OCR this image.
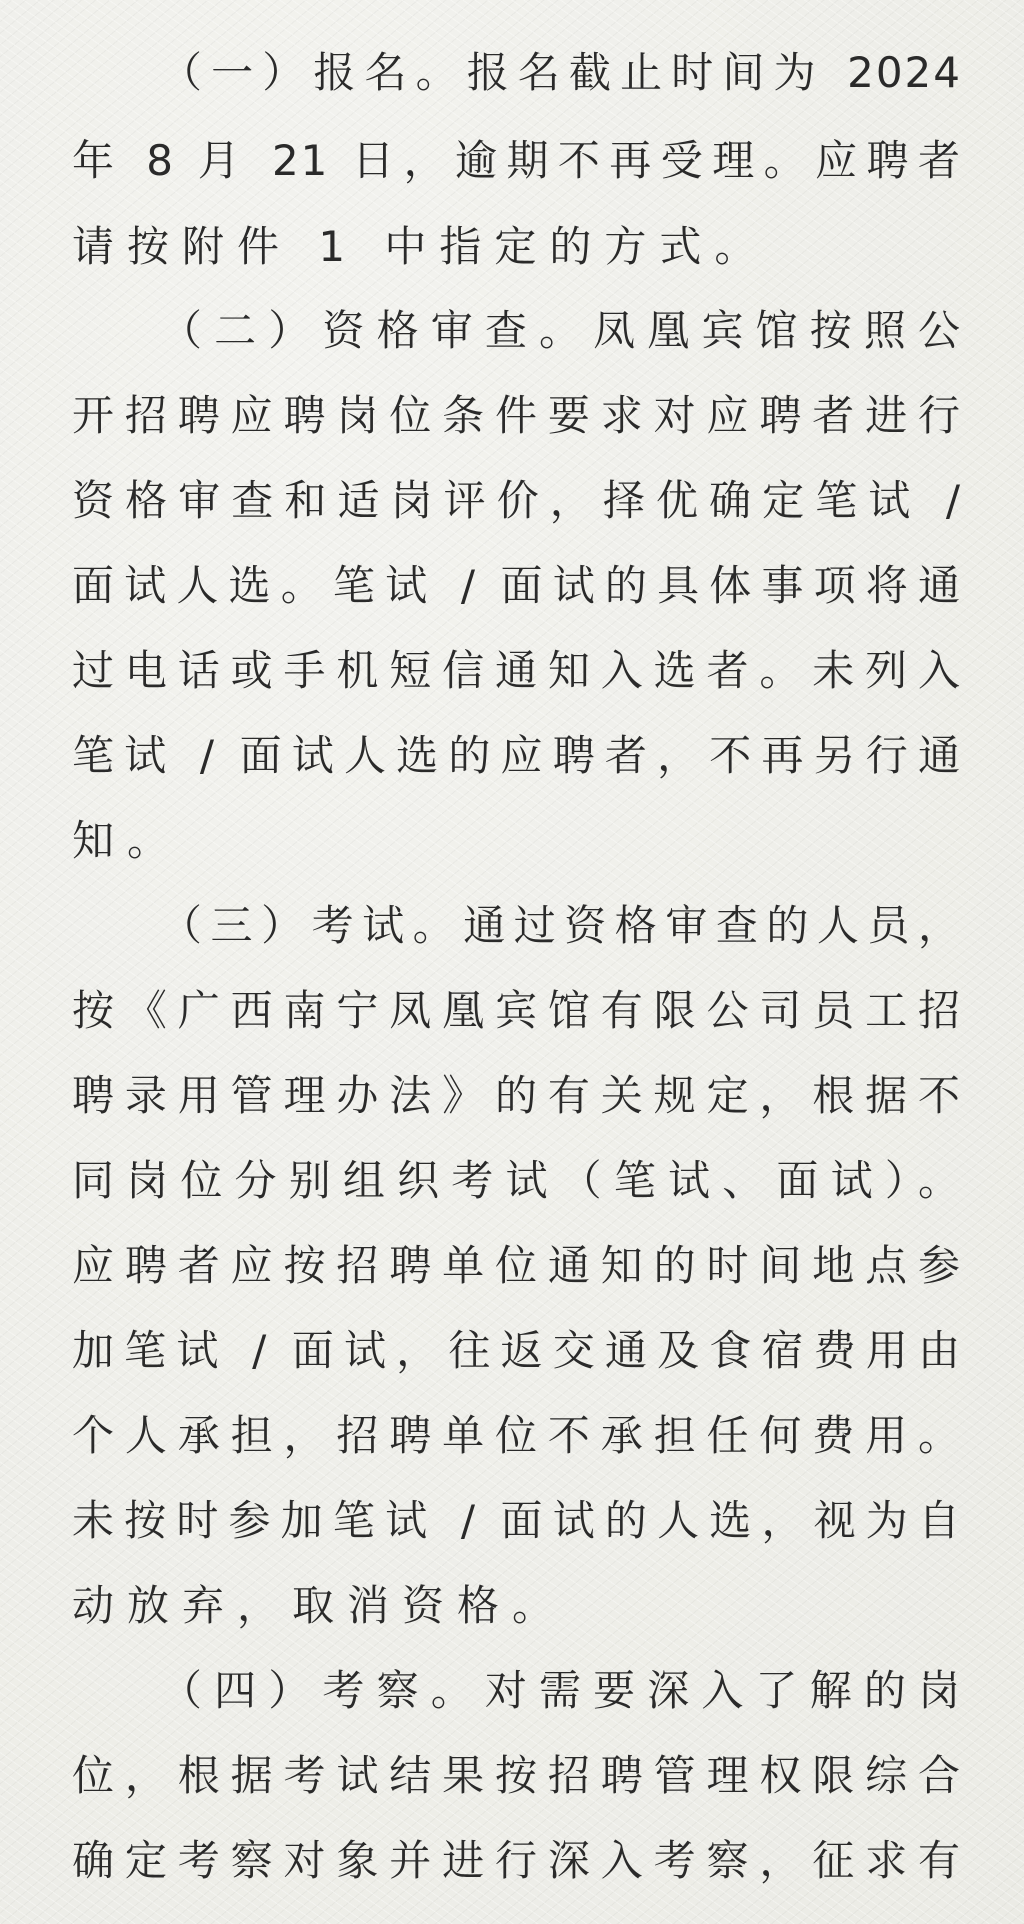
（一）报名。报名截止时间为 2024
年 8 月 21 日，逾期不再受理。应聘者
请按附件 1 中指定的方式。
（二）资格审查。凤凰宾馆按照公
开招聘应聘岗位条件要求对应聘者进行
资格审查和适岗评价，择优确定笔试 /
面试人选。笔试 / 面试的具体事项将通
过电话或手机短信通知入选者。未列入
笔试 / 面试人选的应聘者，不再另行通
知。
（三）考试。通过资格审查的人员，
按《广西南宁凤凰宾馆有限公司员工招
聘录用管理办法》的有关规定，根据不
同岗位分别组织考试（笔试、面试）。
应聘者应按招聘单位通知的时间地点参
加笔试 / 面试，往返交通及食宿费用由
个人承担，招聘单位不承担任何费用。
未按时参加笔试 / 面试的人选，视为自
动放弃，取消资格。
（四）考察。对需要深入了解的岗
位，根据考试结果按招聘管理权限综合
确定考察对象并进行深入考察，征求有
